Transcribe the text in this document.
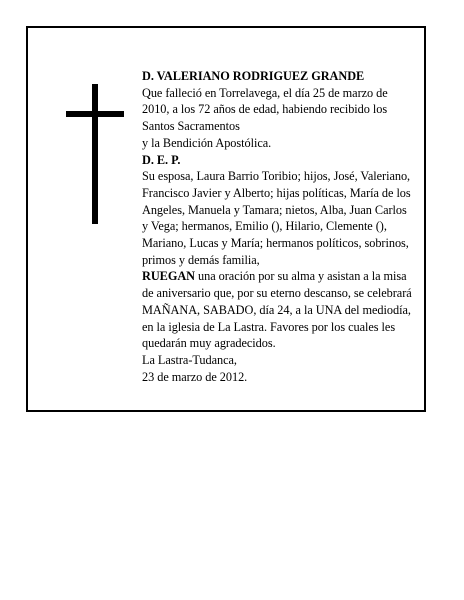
D. VALERIANO RODRIGUEZ GRANDE

Que falleció en Torrelavega, el día 25 de marzo de

2010, a los 72 años de edad, habiendo recibido los

Santos Sacramentos

y la Bendición Apostólica.

D. E. P.

Su esposa, Laura Barrio Toribio; hijos, José, Valeriano,

Francisco Javier y Alberto; hijas políticas, María de los

Angeles, Manuela y Tamara; nietos, Alba, Juan Carlos

y Vega; hermanos, Emilio (), Hilario, Clemente (),

Mariano, Lucas y María; hermanos políticos, sobrinos,

primos y demás familia,

RUEGAN una oración por su alma y asistan a la misa

de aniversario que, por su eterno descanso, se celebrará

MAÑANA, SABADO, día 24, a la UNA del mediodía,

en la iglesia de La Lastra. Favores por los cuales les

quedarán muy agradecidos.

La Lastra-Tudanca,

23 de marzo de 2012.
